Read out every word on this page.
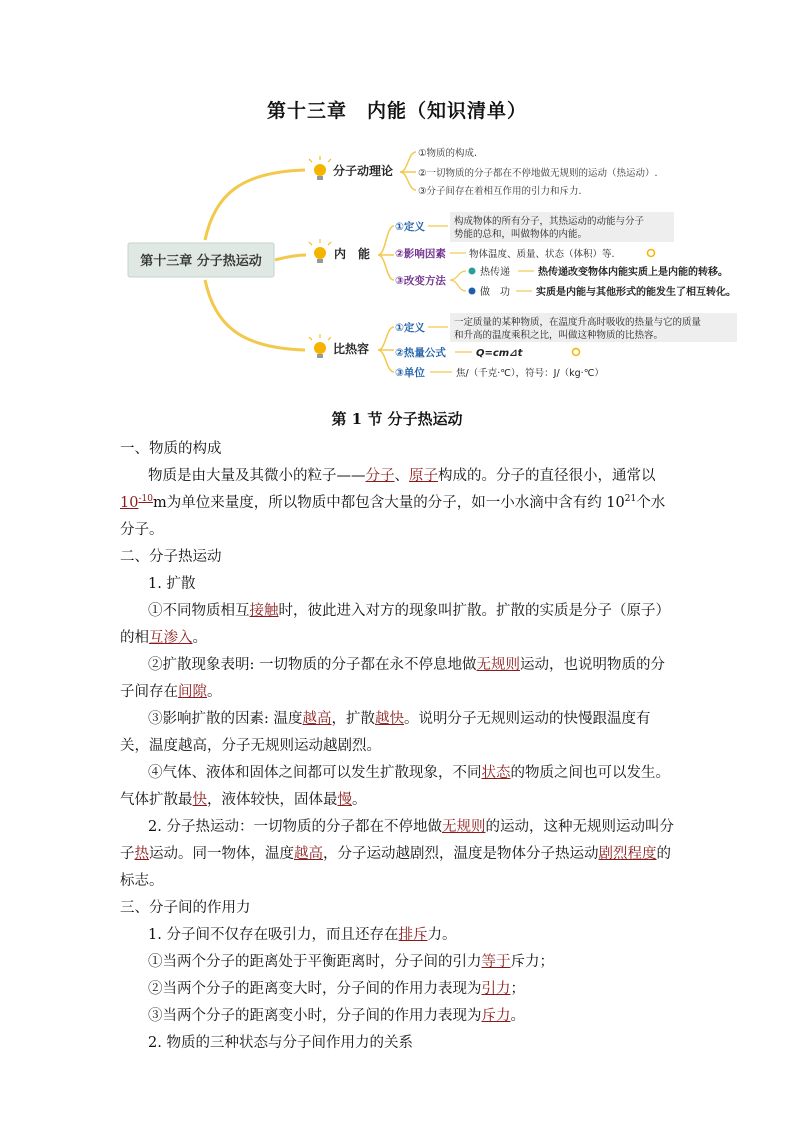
第十三章　内能（知识清单）
第十三章 分子热运动
分子动理论
①物质的构成.
②一切物质的分子都在不停地做无规则的运动（热运动）.
③分子间存在着相互作用的引力和斥力.
内　能
①定义	构成物体的所有分子，其热运动的动能与分子
势能的总和，叫做物体的内能。
②影响因素 物体温度、质量、状态（体积）等.
③改变方法
热传递	热传递改变物体内能实质上是内能的转移。
做　功	实质是内能与其他形式的能发生了相互转化。
比热容
①定义	一定质量的某种物质，在温度升高时吸收的热量与它的质量
和升高的温度乘积之比，叫做这种物质的比热容。
②热量公式	Q=cm⊿t
③单位	焦/（千克·℃），符号：J/（kg·℃）
第 1 节 分子热运动

一、物质的构成

物质是由大量及其微小的粒子——分子、原子构成的。分子的直径很小，通常以$10^{-10}m$为单位来量度，所以物质中都包含大量的分子，如一小水滴中含有约 $10^{21}$个水分子。

二、分子热运动

1. 扩散

①不同物质相互接触时，彼此进入对方的现象叫扩散。扩散的实质是分子（原子）的相互渗入。

②扩散现象表明: 一切物质的分子都在永不停息地做无规则运动，也说明物质的分子间存在间隙。

③影响扩散的因素: 温度越高，扩散越快。说明分子无规则运动的快慢跟温度有关，温度越高，分子无规则运动越剧烈。

④气体、液体和固体之间都可以发生扩散现象，不同状态的物质之间也可以发生。气体扩散最快，液体较快，固体最慢。

2. 分子热运动：一切物质的分子都在不停地做无规则的运动，这种无规则运动叫分子热运动。同一物体，温度越高，分子运动越剧烈，温度是物体分子热运动剧烈程度的标志。

三、分子间的作用力

1. 分子间不仅存在吸引力，而且还存在排斥力。

①当两个分子的距离处于平衡距离时，分子间的引力等于斥力；

②当两个分子的距离变大时，分子间的作用力表现为引力；

③当两个分子的距离变小时，分子间的作用力表现为斥力。

2. 物质的三种状态与分子间作用力的关系
